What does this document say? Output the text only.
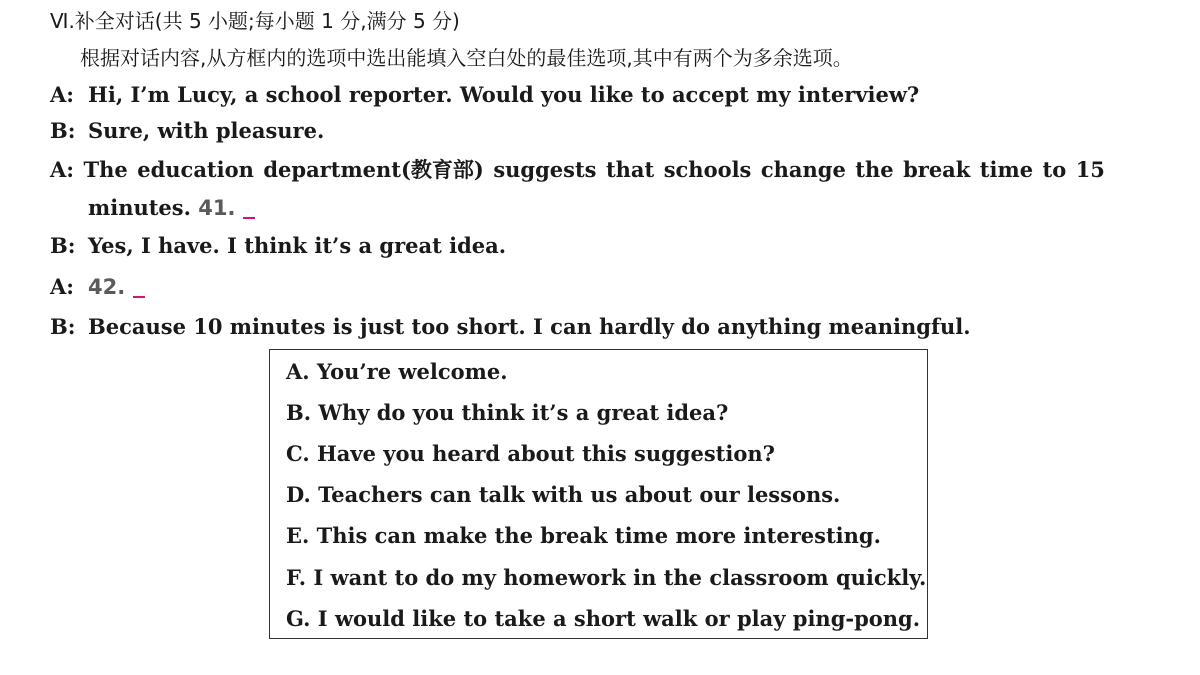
Ⅵ.补全对话(共 5 小题;每小题 1 分,满分 5 分)
根据对话内容,从方框内的选项中选出能填入空白处的最佳选项,其中有两个为多余选项。
A: Hi, I’m Lucy, a school reporter. Would you like to accept my interview?
B: Sure, with pleasure.
A: The education department(教育部) suggests that schools change the break time to 15
minutes. 41.
B: Yes, I have. I think it’s a great idea.
A: 42.
B: Because 10 minutes is just too short. I can hardly do anything meaningful.
A. You’re welcome.
B. Why do you think it’s a great idea?
C. Have you heard about this suggestion?
D. Teachers can talk with us about our lessons.
E. This can make the break time more interesting.
F. I want to do my homework in the classroom quickly.
G. I would like to take a short walk or play ping-pong.
